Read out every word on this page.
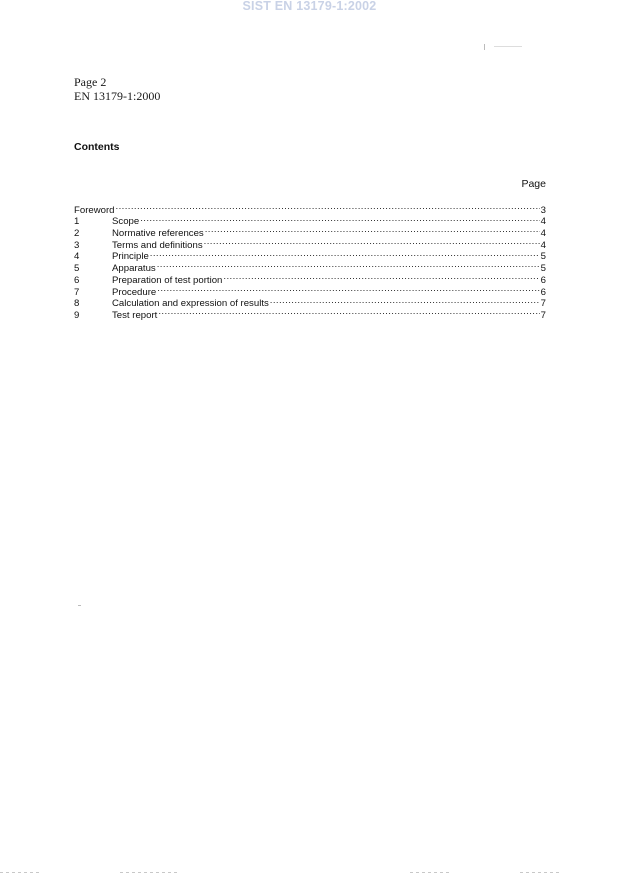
SIST EN 13179-1:2002
Page 2
EN 13179-1:2000
Contents
Page
Foreword .....	3
1	Scope .....	4
2	Normative references .....	4
3	Terms and definitions .....	4
4	Principle .....	5
5	Apparatus .....	5
6	Preparation of test portion .....	6
7	Procedure .....	6
8	Calculation and expression of results .....	7
9	Test report .....	7
